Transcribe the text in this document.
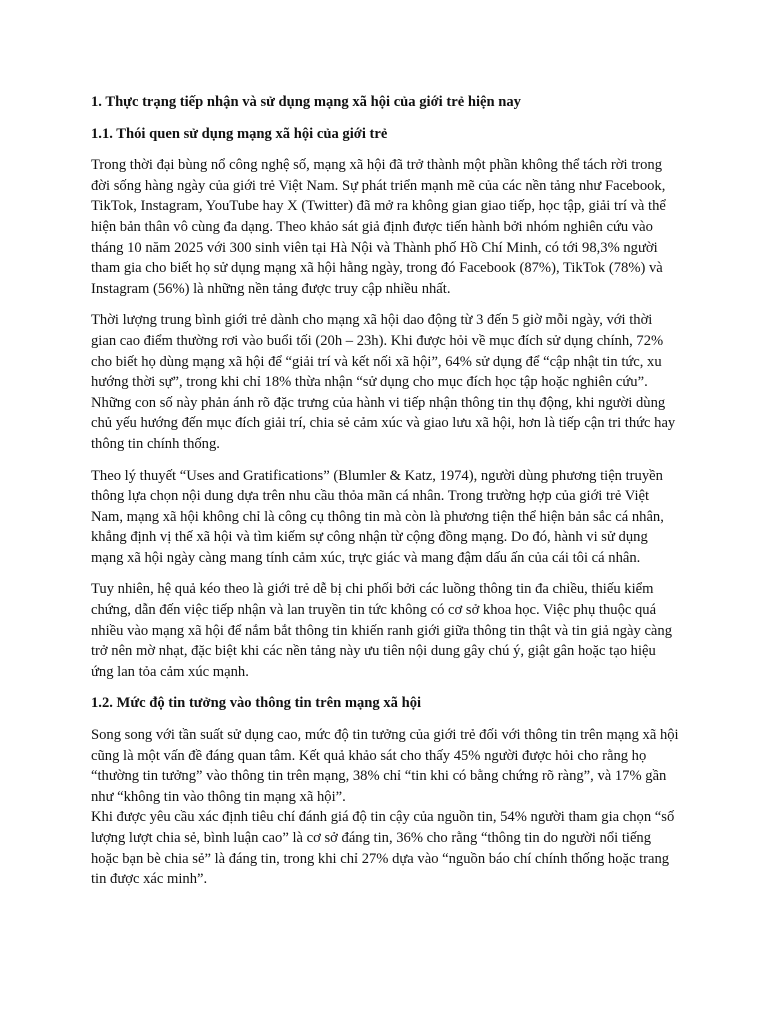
1. Thực trạng tiếp nhận và sử dụng mạng xã hội của giới trẻ hiện nay
1.1. Thói quen sử dụng mạng xã hội của giới trẻ

Trong thời đại bùng nổ công nghệ số, mạng xã hội đã trở thành một phần không thể tách rời trong đời sống hàng ngày của giới trẻ Việt Nam. Sự phát triển mạnh mẽ của các nền tảng như Facebook, TikTok, Instagram, YouTube hay X (Twitter) đã mở ra không gian giao tiếp, học tập, giải trí và thể hiện bản thân vô cùng đa dạng. Theo khảo sát giả định được tiến hành bởi nhóm nghiên cứu vào tháng 10 năm 2025 với 300 sinh viên tại Hà Nội và Thành phố Hồ Chí Minh, có tới 98,3% người tham gia cho biết họ sử dụng mạng xã hội hằng ngày, trong đó Facebook (87%), TikTok (78%) và Instagram (56%) là những nền tảng được truy cập nhiều nhất.

Thời lượng trung bình giới trẻ dành cho mạng xã hội dao động từ 3 đến 5 giờ mỗi ngày, với thời gian cao điểm thường rơi vào buổi tối (20h – 23h). Khi được hỏi về mục đích sử dụng chính, 72% cho biết họ dùng mạng xã hội để “giải trí và kết nối xã hội”, 64% sử dụng để “cập nhật tin tức, xu hướng thời sự”, trong khi chỉ 18% thừa nhận “sử dụng cho mục đích học tập hoặc nghiên cứu”. Những con số này phản ánh rõ đặc trưng của hành vi tiếp nhận thông tin thụ động, khi người dùng chủ yếu hướng đến mục đích giải trí, chia sẻ cảm xúc và giao lưu xã hội, hơn là tiếp cận tri thức hay thông tin chính thống.

Theo lý thuyết “Uses and Gratifications” (Blumler & Katz, 1974), người dùng phương tiện truyền thông lựa chọn nội dung dựa trên nhu cầu thỏa mãn cá nhân. Trong trường hợp của giới trẻ Việt Nam, mạng xã hội không chỉ là công cụ thông tin mà còn là phương tiện thể hiện bản sắc cá nhân, khẳng định vị thế xã hội và tìm kiếm sự công nhận từ cộng đồng mạng. Do đó, hành vi sử dụng mạng xã hội ngày càng mang tính cảm xúc, trực giác và mang đậm dấu ấn của cái tôi cá nhân.

Tuy nhiên, hệ quả kéo theo là giới trẻ dễ bị chi phối bởi các luồng thông tin đa chiều, thiếu kiểm chứng, dẫn đến việc tiếp nhận và lan truyền tin tức không có cơ sở khoa học. Việc phụ thuộc quá nhiều vào mạng xã hội để nắm bắt thông tin khiến ranh giới giữa thông tin thật và tin giả ngày càng trở nên mờ nhạt, đặc biệt khi các nền tảng này ưu tiên nội dung gây chú ý, giật gân hoặc tạo hiệu ứng lan tỏa cảm xúc mạnh.

1.2. Mức độ tin tưởng vào thông tin trên mạng xã hội

Song song với tần suất sử dụng cao, mức độ tin tưởng của giới trẻ đối với thông tin trên mạng xã hội cũng là một vấn đề đáng quan tâm. Kết quả khảo sát cho thấy 45% người được hỏi cho rằng họ “thường tin tưởng” vào thông tin trên mạng, 38% chỉ “tin khi có bằng chứng rõ ràng”, và 17% gần như “không tin vào thông tin mạng xã hội”.

Khi được yêu cầu xác định tiêu chí đánh giá độ tin cậy của nguồn tin, 54% người tham gia chọn “số lượng lượt chia sẻ, bình luận cao” là cơ sở đáng tin, 36% cho rằng “thông tin do người nổi tiếng hoặc bạn bè chia sẻ” là đáng tin, trong khi chỉ 27% dựa vào “nguồn báo chí chính thống hoặc trang tin được xác minh”.
